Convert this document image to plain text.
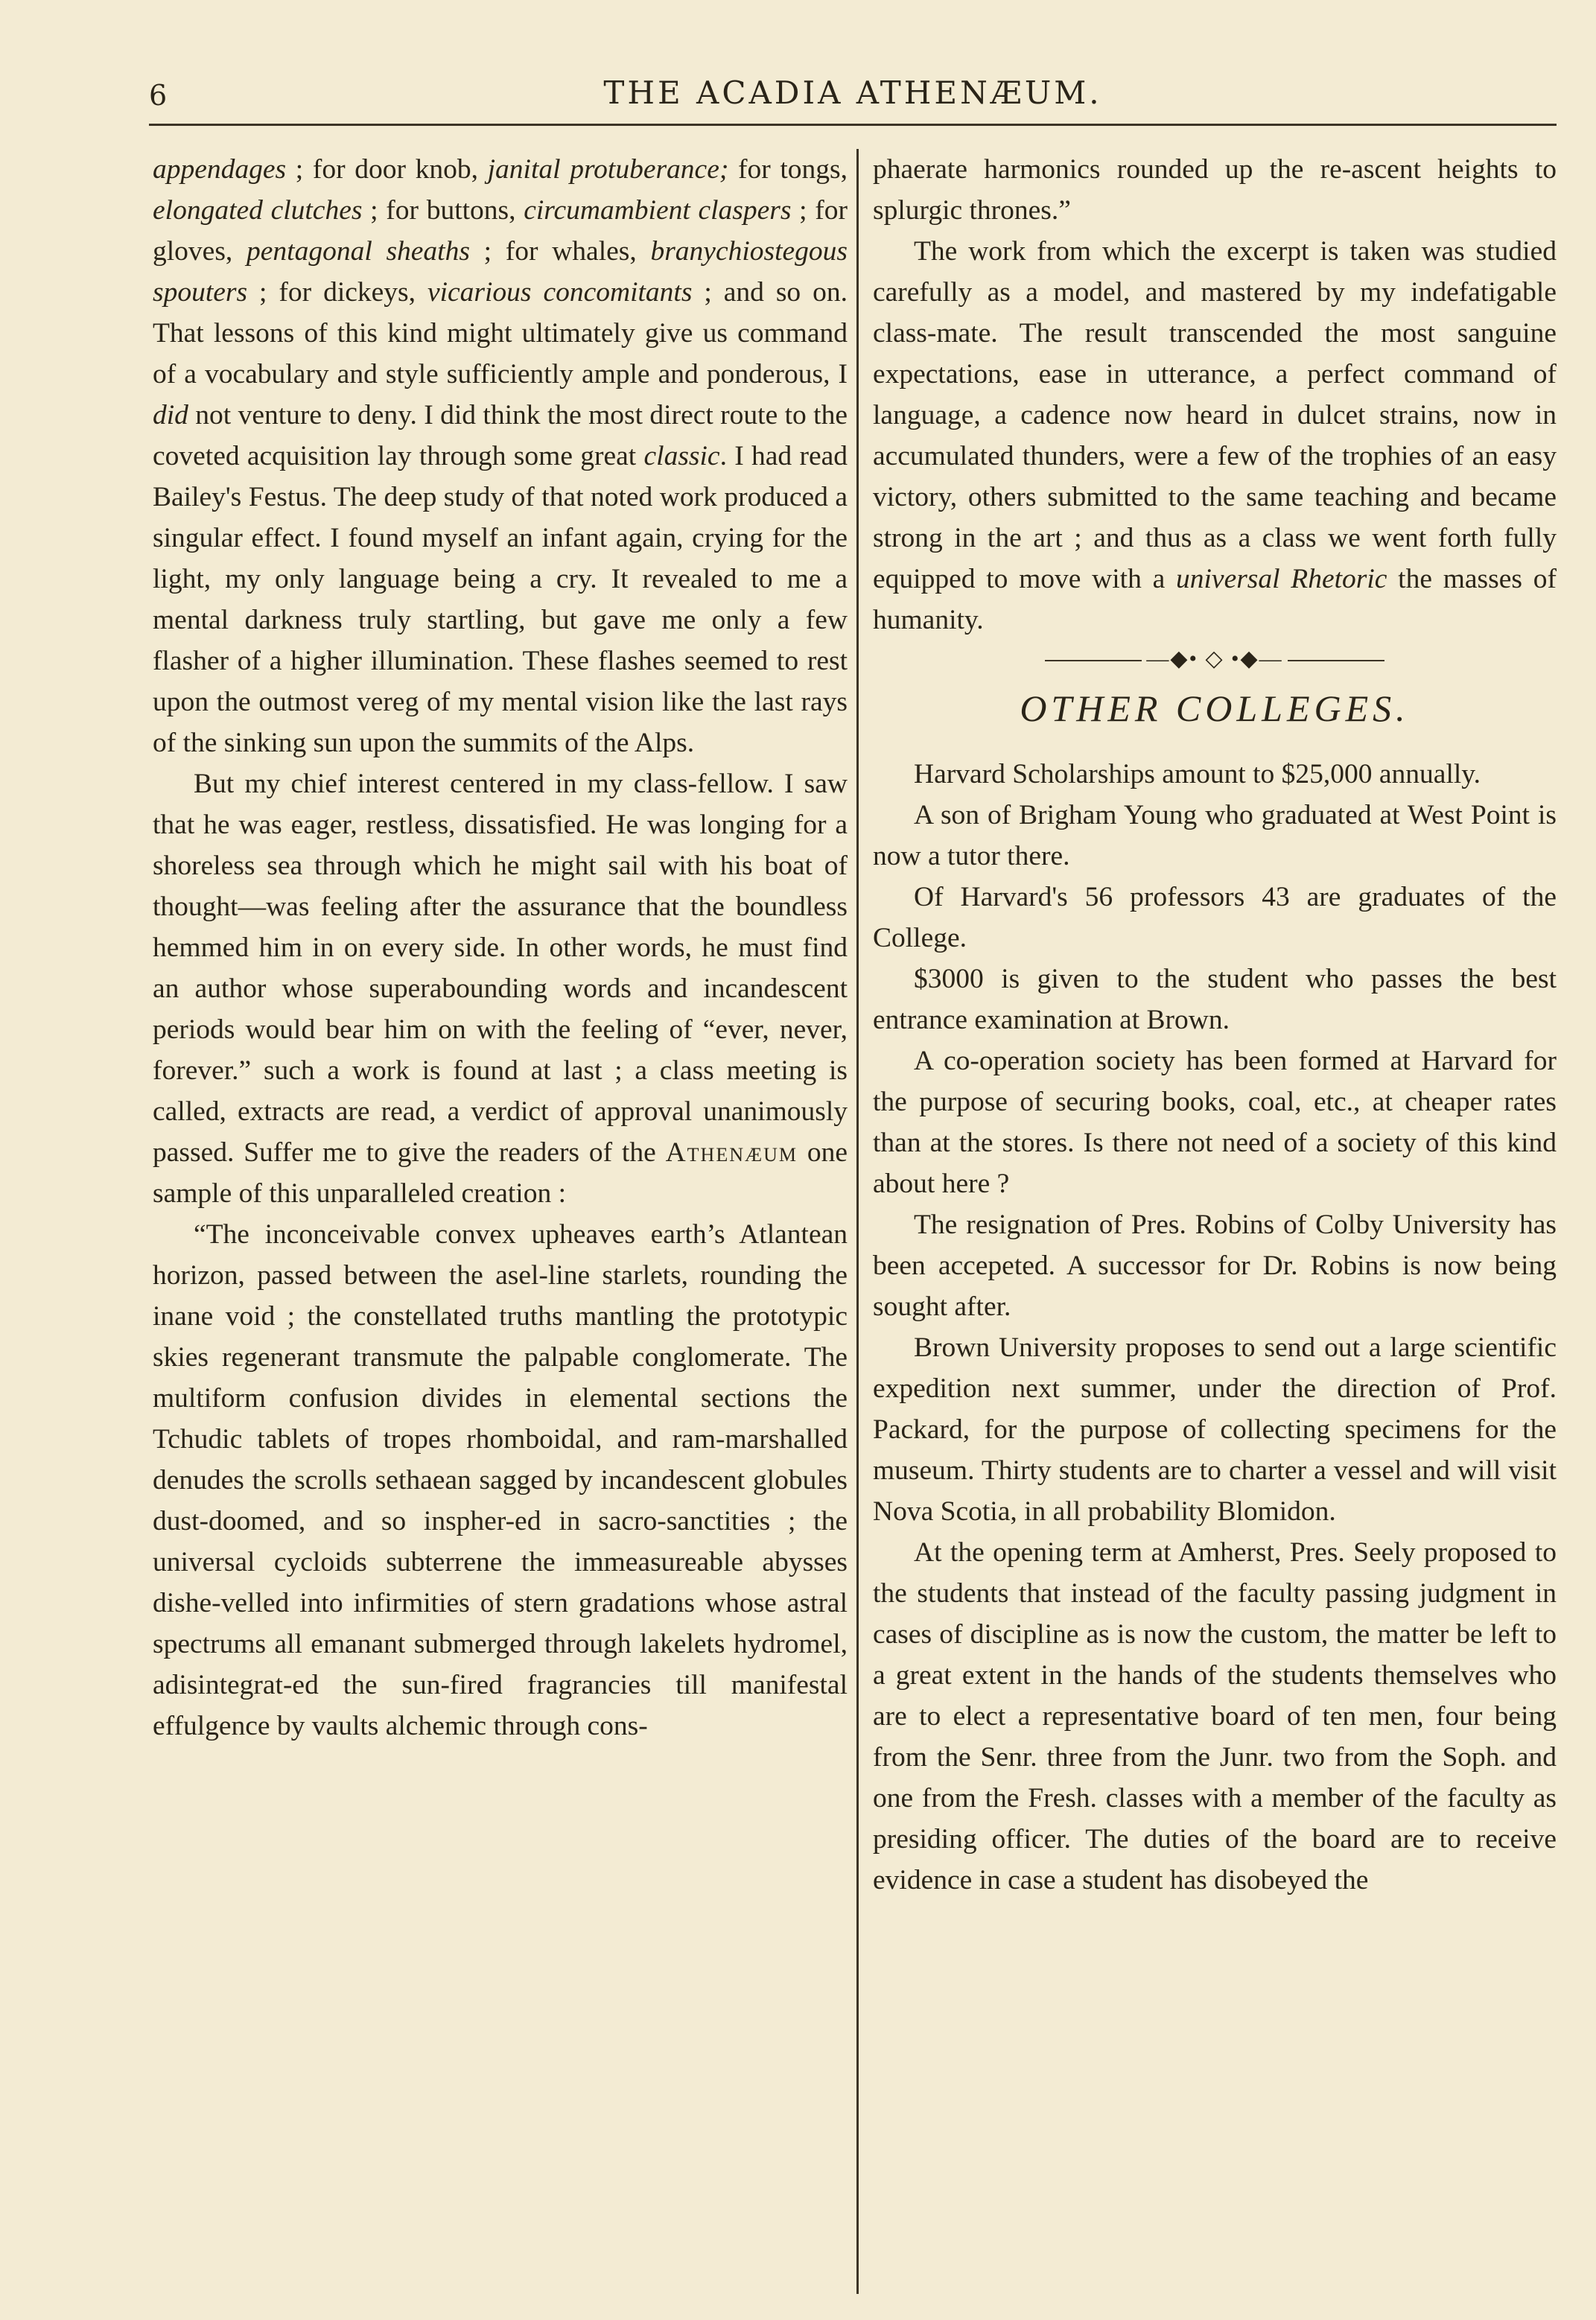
6	THE ACADIA ATHENÆUM.

appendages ; for door knob, janital protuberance; for tongs, elongated clutches ; for buttons, circumambient claspers ; for gloves, pentagonal sheaths ; for whales, branychiostegous spouters ; for dickeys, vicarious concomitants ; and so on. That lessons of this kind might ultimately give us command of a vocabulary and style sufficiently ample and ponderous, I did not venture to deny. I did think the most direct route to the coveted acquisition lay through some great classic. I had read Bailey's Festus. The deep study of that noted work produced a singular effect. I found myself an infant again, crying for the light, my only language being a cry. It revealed to me a mental darkness truly startling, but gave me only a few flasher of a higher illumination. These flashes seemed to rest upon the outmost vereg of my mental vision like the last rays of the sinking sun upon the summits of the Alps.

But my chief interest centered in my class-fellow. I saw that he was eager, restless, dissatisfied. He was longing for a shoreless sea through which he might sail with his boat of thought—was feeling after the assurance that the boundless hemmed him in on every side. In other words, he must find an author whose superabounding words and incandescent periods would bear him on with the feeling of “ever, never, forever.” such a work is found at last ; a class meeting is called, extracts are read, a verdict of approval unanimously passed. Suffer me to give the readers of the Athenæum one sample of this unparalleled creation :

“The inconceivable convex upheaves earth’s Atlantean horizon, passed between the asel-line starlets, rounding the inane void ; the constellated truths mantling the prototypic skies regenerant transmute the palpable conglomerate. The multiform confusion divides in elemental sections the Tchudic tablets of tropes rhomboidal, and ram-marshalled denudes the scrolls sethaean sagged by incandescent globules dust-doomed, and so inspher-ed in sacro-sanctities ; the universal cycloids subterrene the immeasureable abysses dishe-velled into infirmities of stern gradations whose astral spectrums all emanant submerged through lakelets hydromel, adisintegrat-ed the sun-fired fragrancies till manifestal effulgence by vaults alchemic through cons-

phaerate harmonics rounded up the re-ascent heights to splurgic thrones.”

The work from which the excerpt is taken was studied carefully as a model, and mastered by my indefatigable class-mate. The result transcended the most sanguine expectations, ease in utterance, a perfect command of language, a cadence now heard in dulcet strains, now in accumulated thunders, were a few of the trophies of an easy victory, others submitted to the same teaching and became strong in the art ; and thus as a class we went forth fully equipped to move with a universal Rhetoric the masses of humanity.

—◆• ◇ •◆—
OTHER COLLEGES.

Harvard Scholarships amount to $25,000 annually.

A son of Brigham Young who graduated at West Point is now a tutor there.

Of Harvard's 56 professors 43 are graduates of the College.

$3000 is given to the student who passes the best entrance examination at Brown.

A co-operation society has been formed at Harvard for the purpose of securing books, coal, etc., at cheaper rates than at the stores. Is there not need of a society of this kind about here ?

The resignation of Pres. Robins of Colby University has been accepeted. A successor for Dr. Robins is now being sought after.

Brown University proposes to send out a large scientific expedition next summer, under the direction of Prof. Packard, for the purpose of collecting specimens for the museum. Thirty students are to charter a vessel and will visit Nova Scotia, in all probability Blomidon.

At the opening term at Amherst, Pres. Seely proposed to the students that instead of the faculty passing judgment in cases of discipline as is now the custom, the matter be left to a great extent in the hands of the students themselves who are to elect a representative board of ten men, four being from the Senr. three from the Junr. two from the Soph. and one from the Fresh. classes with a member of the faculty as presiding officer. The duties of the board are to receive evidence in case a student has disobeyed the
